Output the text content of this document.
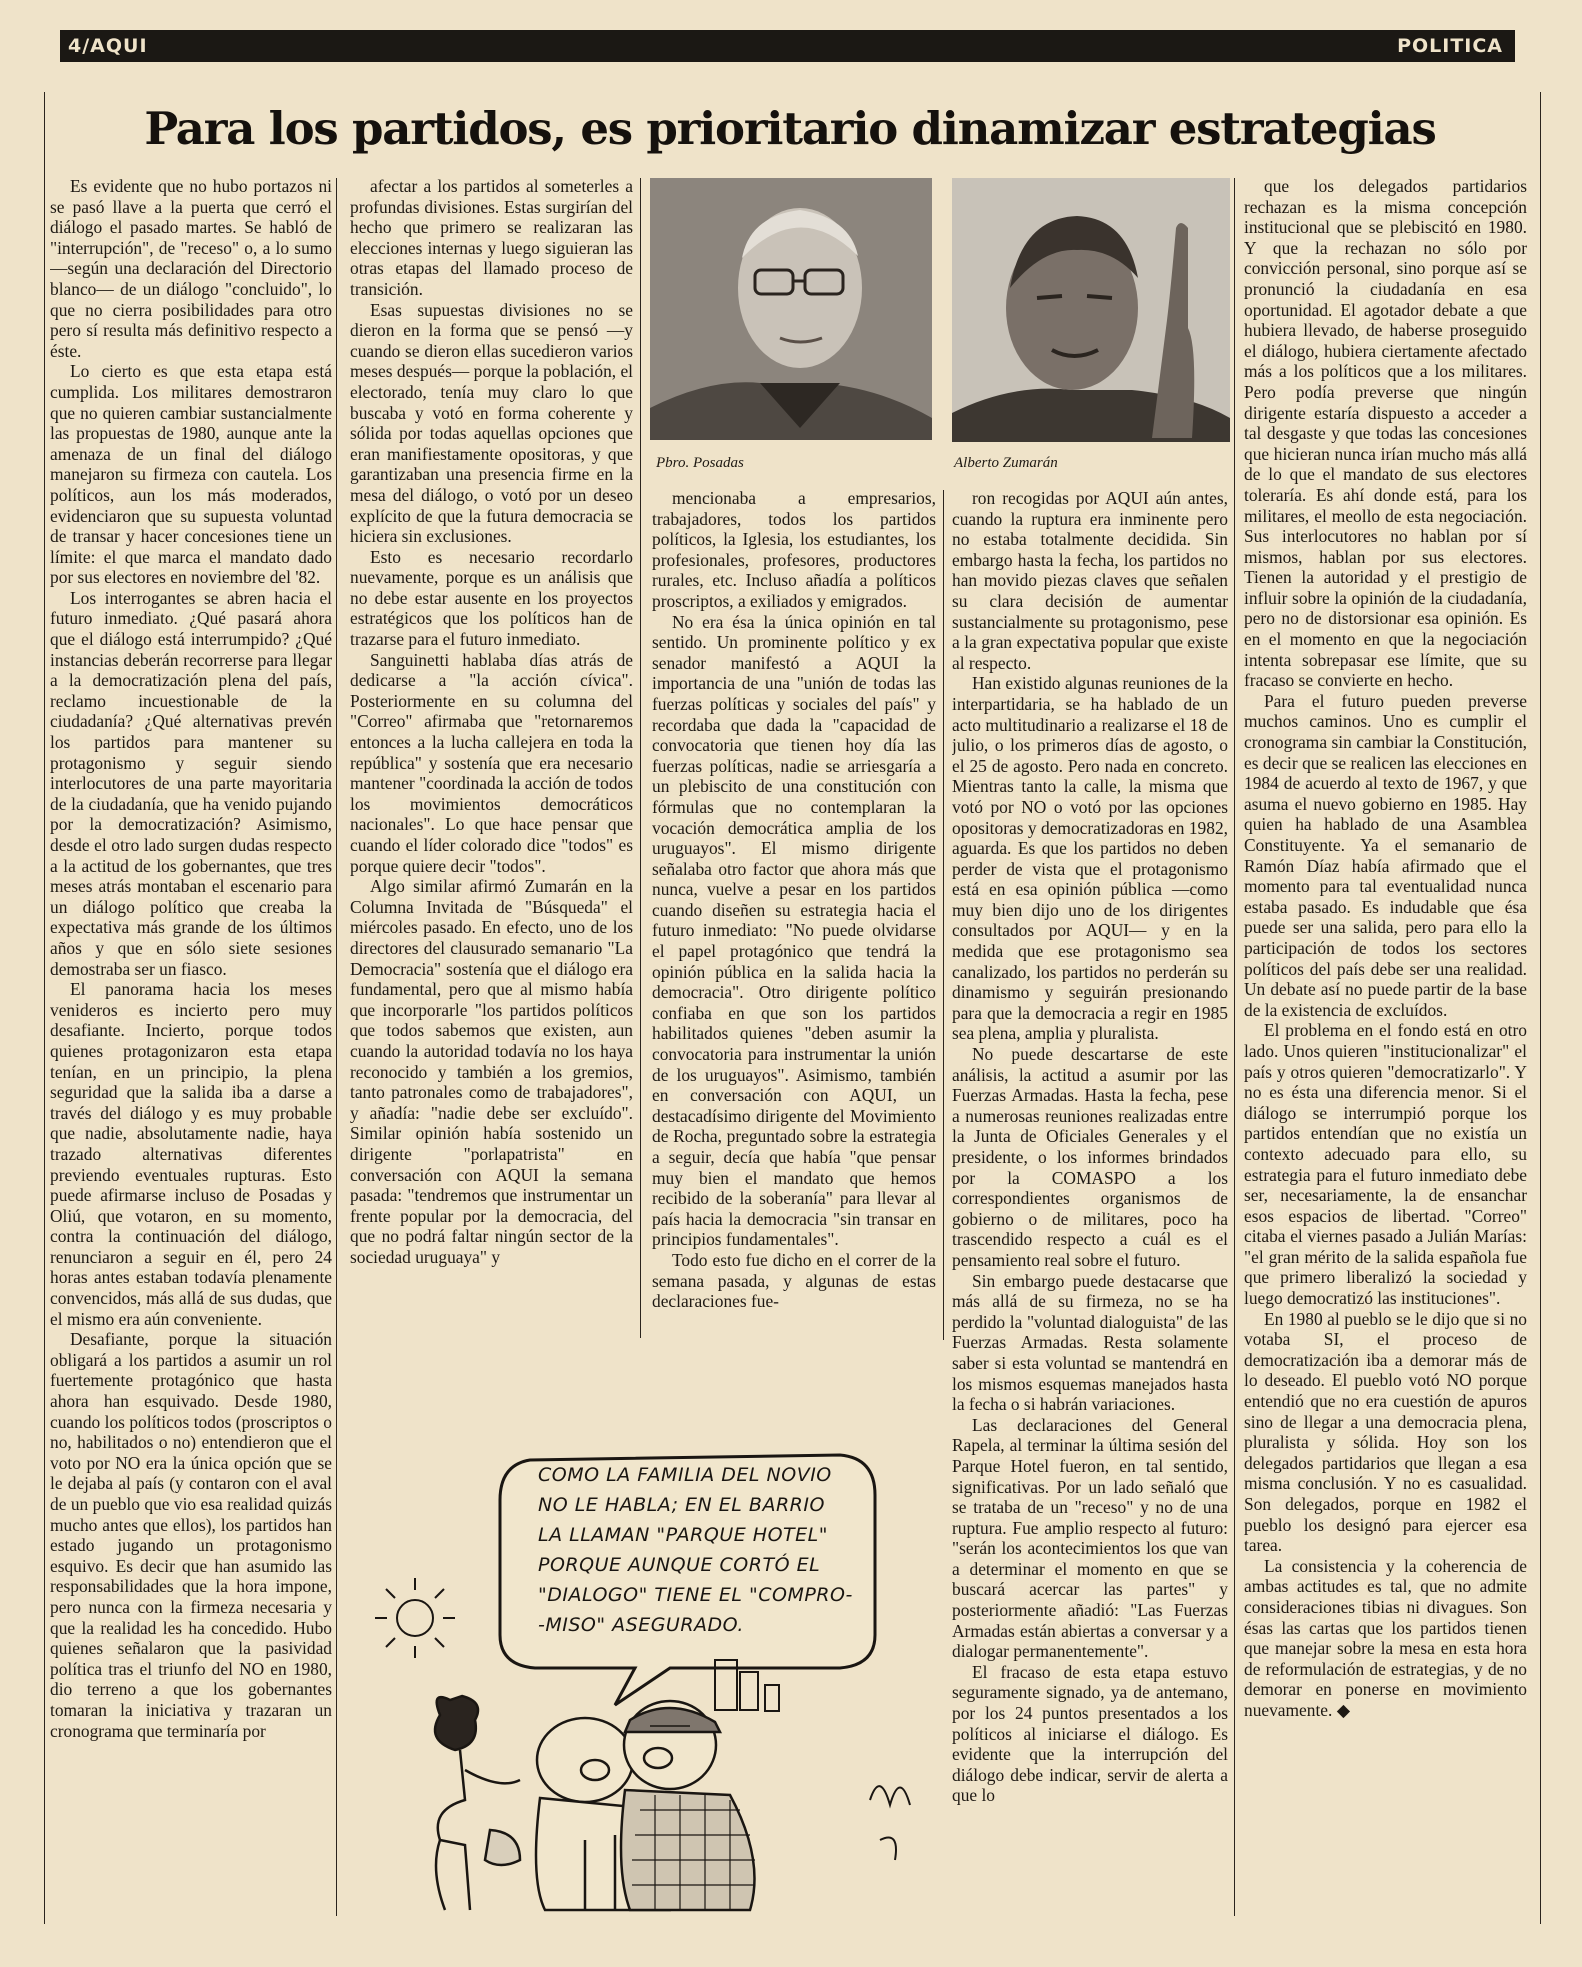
4/AQUI	POLITICA
Para los partidos, es prioritario dinamizar estrategias

Es evidente que no hubo portazos ni se pasó llave a la puerta que cerró el diálogo el pasado martes. Se habló de "interrupción", de "receso" o, a lo sumo —según una declaración del Directorio blanco— de un diálogo "concluido", lo que no cierra posibilidades para otro pero sí resulta más definitivo respecto a éste.

Lo cierto es que esta etapa está cumplida. Los militares demostraron que no quieren cambiar sustancialmente las propuestas de 1980, aunque ante la amenaza de un final del diálogo manejaron su firmeza con cautela. Los políticos, aun los más moderados, evidenciaron que su supuesta voluntad de transar y hacer concesiones tiene un límite: el que marca el mandato dado por sus electores en noviembre del '82.

Los interrogantes se abren hacia el futuro inmediato. ¿Qué pasará ahora que el diálogo está interrumpido? ¿Qué instancias deberán recorrerse para llegar a la democratización plena del país, reclamo incuestionable de la ciudadanía? ¿Qué alternativas prevén los partidos para mantener su protagonismo y seguir siendo interlocutores de una parte mayoritaria de la ciudadanía, que ha venido pujando por la democratización? Asimismo, desde el otro lado surgen dudas respecto a la actitud de los gobernantes, que tres meses atrás montaban el escenario para un diálogo político que creaba la expectativa más grande de los últimos años y que en sólo siete sesiones demostraba ser un fiasco.

El panorama hacia los meses venideros es incierto pero muy desafiante. Incierto, porque todos quienes protagonizaron esta etapa tenían, en un principio, la plena seguridad que la salida iba a darse a través del diálogo y es muy probable que nadie, absolutamente nadie, haya trazado alternativas diferentes previendo eventuales rupturas. Esto puede afirmarse incluso de Posadas y Oliú, que votaron, en su momento, contra la continuación del diálogo, renunciaron a seguir en él, pero 24 horas antes estaban todavía plenamente convencidos, más allá de sus dudas, que el mismo era aún conveniente.

Desafiante, porque la situación obligará a los partidos a asumir un rol fuertemente protagónico que hasta ahora han esquivado. Desde 1980, cuando los políticos todos (proscriptos o no, habilitados o no) entendieron que el voto por NO era la única opción que se le dejaba al país (y contaron con el aval de un pueblo que vio esa realidad quizás mucho antes que ellos), los partidos han estado jugando un protagonismo esquivo. Es decir que han asumido las responsabilidades que la hora impone, pero nunca con la firmeza necesaria y que la realidad les ha concedido. Hubo quienes señalaron que la pasividad política tras el triunfo del NO en 1980, dio terreno a que los gobernantes tomaran la iniciativa y trazaran un cronograma que terminaría por

afectar a los partidos al someterles a profundas divisiones. Estas surgirían del hecho que primero se realizaran las elecciones internas y luego siguieran las otras etapas del llamado proceso de transición.

Esas supuestas divisiones no se dieron en la forma que se pensó —y cuando se dieron ellas sucedieron varios meses después— porque la población, el electorado, tenía muy claro lo que buscaba y votó en forma coherente y sólida por todas aquellas opciones que eran manifiestamente opositoras, y que garantizaban una presencia firme en la mesa del diálogo, o votó por un deseo explícito de que la futura democracia se hiciera sin exclusiones.

Esto es necesario recordarlo nuevamente, porque es un análisis que no debe estar ausente en los proyectos estratégicos que los políticos han de trazarse para el futuro inmediato.

Sanguinetti hablaba días atrás de dedicarse a "la acción cívica". Posteriormente en su columna del "Correo" afirmaba que "retornaremos entonces a la lucha callejera en toda la república" y sostenía que era necesario mantener "coordinada la acción de todos los movimientos democráticos nacionales". Lo que hace pensar que cuando el líder colorado dice "todos" es porque quiere decir "todos".

Algo similar afirmó Zumarán en la Columna Invitada de "Búsqueda" el miércoles pasado. En efecto, uno de los directores del clausurado semanario "La Democracia" sostenía que el diálogo era fundamental, pero que al mismo había que incorporarle "los partidos políticos que todos sabemos que existen, aun cuando la autoridad todavía no los haya reconocido y también a los gremios, tanto patronales como de trabajadores", y añadía: "nadie debe ser excluído". Similar opinión había sostenido un dirigente "porlapatrista" en conversación con AQUI la semana pasada: "tendremos que instrumentar un frente popular por la democracia, del que no podrá faltar ningún sector de la sociedad uruguaya" y

mencionaba a empresarios, trabajadores, todos los partidos políticos, la Iglesia, los estudiantes, los profesionales, profesores, productores rurales, etc. Incluso añadía a políticos proscriptos, a exiliados y emigrados.

No era ésa la única opinión en tal sentido. Un prominente político y ex senador manifestó a AQUI la importancia de una "unión de todas las fuerzas políticas y sociales del país" y recordaba que dada la "capacidad de convocatoria que tienen hoy día las fuerzas políticas, nadie se arriesgaría a un plebiscito de una constitución con fórmulas que no contemplaran la vocación democrática amplia de los uruguayos". El mismo dirigente señalaba otro factor que ahora más que nunca, vuelve a pesar en los partidos cuando diseñen su estrategia hacia el futuro inmediato: "No puede olvidarse el papel protagónico que tendrá la opinión pública en la salida hacia la democracia". Otro dirigente político confiaba en que son los partidos habilitados quienes "deben asumir la convocatoria para instrumentar la unión de los uruguayos". Asimismo, también en conversación con AQUI, un destacadísimo dirigente del Movimiento de Rocha, preguntado sobre la estrategia a seguir, decía que había "que pensar muy bien el mandato que hemos recibido de la soberanía" para llevar al país hacia la democracia "sin transar en principios fundamentales".

Todo esto fue dicho en el correr de la semana pasada, y algunas de estas declaraciones fue-

ron recogidas por AQUI aún antes, cuando la ruptura era inminente pero no estaba totalmente decidida. Sin embargo hasta la fecha, los partidos no han movido piezas claves que señalen su clara decisión de aumentar sustancialmente su protagonismo, pese a la gran expectativa popular que existe al respecto.

Han existido algunas reuniones de la interpartidaria, se ha hablado de un acto multitudinario a realizarse el 18 de julio, o los primeros días de agosto, o el 25 de agosto. Pero nada en concreto. Mientras tanto la calle, la misma que votó por NO o votó por las opciones opositoras y democratizadoras en 1982, aguarda. Es que los partidos no deben perder de vista que el protagonismo está en esa opinión pública —como muy bien dijo uno de los dirigentes consultados por AQUI— y en la medida que ese protagonismo sea canalizado, los partidos no perderán su dinamismo y seguirán presionando para que la democracia a regir en 1985 sea plena, amplia y pluralista.

No puede descartarse de este análisis, la actitud a asumir por las Fuerzas Armadas. Hasta la fecha, pese a numerosas reuniones realizadas entre la Junta de Oficiales Generales y el presidente, o los informes brindados por la COMASPO a los correspondientes organismos de gobierno o de militares, poco ha trascendido respecto a cuál es el pensamiento real sobre el futuro.

Sin embargo puede destacarse que más allá de su firmeza, no se ha perdido la "voluntad dialoguista" de las Fuerzas Armadas. Resta solamente saber si esta voluntad se mantendrá en los mismos esquemas manejados hasta la fecha o si habrán variaciones.

Las declaraciones del General Rapela, al terminar la última sesión del Parque Hotel fueron, en tal sentido, significativas. Por un lado señaló que se trataba de un "receso" y no de una ruptura. Fue amplio respecto al futuro: "serán los acontecimientos los que van a determinar el momento en que se buscará acercar las partes" y posteriormente añadió: "Las Fuerzas Armadas están abiertas a conversar y a dialogar permanentemente".

El fracaso de esta etapa estuvo seguramente signado, ya de antemano, por los 24 puntos presentados a los políticos al iniciarse el diálogo. Es evidente que la interrupción del diálogo debe indicar, servir de alerta a que lo

que los delegados partidarios rechazan es la misma concepción institucional que se plebiscitó en 1980. Y que la rechazan no sólo por convicción personal, sino porque así se pronunció la ciudadanía en esa oportunidad. El agotador debate a que hubiera llevado, de haberse proseguido el diálogo, hubiera ciertamente afectado más a los políticos que a los militares. Pero podía preverse que ningún dirigente estaría dispuesto a acceder a tal desgaste y que todas las concesiones que hicieran nunca irían mucho más allá de lo que el mandato de sus electores toleraría. Es ahí donde está, para los militares, el meollo de esta negociación. Sus interlocutores no hablan por sí mismos, hablan por sus electores. Tienen la autoridad y el prestigio de influir sobre la opinión de la ciudadanía, pero no de distorsionar esa opinión. Es en el momento en que la negociación intenta sobrepasar ese límite, que su fracaso se convierte en hecho.

Para el futuro pueden preverse muchos caminos. Uno es cumplir el cronograma sin cambiar la Constitución, es decir que se realicen las elecciones en 1984 de acuerdo al texto de 1967, y que asuma el nuevo gobierno en 1985. Hay quien ha hablado de una Asamblea Constituyente. Ya el semanario de Ramón Díaz había afirmado que el momento para tal eventualidad nunca estaba pasado. Es indudable que ésa puede ser una salida, pero para ello la participación de todos los sectores políticos del país debe ser una realidad. Un debate así no puede partir de la base de la existencia de excluídos.

El problema en el fondo está en otro lado. Unos quieren "institucionalizar" el país y otros quieren "democratizarlo". Y no es ésta una diferencia menor. Si el diálogo se interrumpió porque los partidos entendían que no existía un contexto adecuado para ello, su estrategia para el futuro inmediato debe ser, necesariamente, la de ensanchar esos espacios de libertad. "Correo" citaba el viernes pasado a Julián Marías: "el gran mérito de la salida española fue que primero liberalizó la sociedad y luego democratizó las instituciones".

En 1980 al pueblo se le dijo que si no votaba SI, el proceso de democratización iba a demorar más de lo deseado. El pueblo votó NO porque entendió que no era cuestión de apuros sino de llegar a una democracia plena, pluralista y sólida. Hoy son los delegados partidarios que llegan a esa misma conclusión. Y no es casualidad. Son delegados, porque en 1982 el pueblo los designó para ejercer esa tarea.

La consistencia y la coherencia de ambas actitudes es tal, que no admite consideraciones tibias ni divagues. Son ésas las cartas que los partidos tienen que manejar sobre la mesa en esta hora de reformulación de estrategias, y de no demorar en ponerse en movimiento nuevamente. ◆

Pbro. Posadas	Alberto Zumarán
COMO LA FAMILIA DEL NOVIO
NO LE HABLA; EN EL BARRIO
LA LLAMAN "PARQUE HOTEL"
PORQUE AUNQUE CORTÓ EL
"DIALOGO" TIENE EL "COMPRO-
-MISO" ASEGURADO.
